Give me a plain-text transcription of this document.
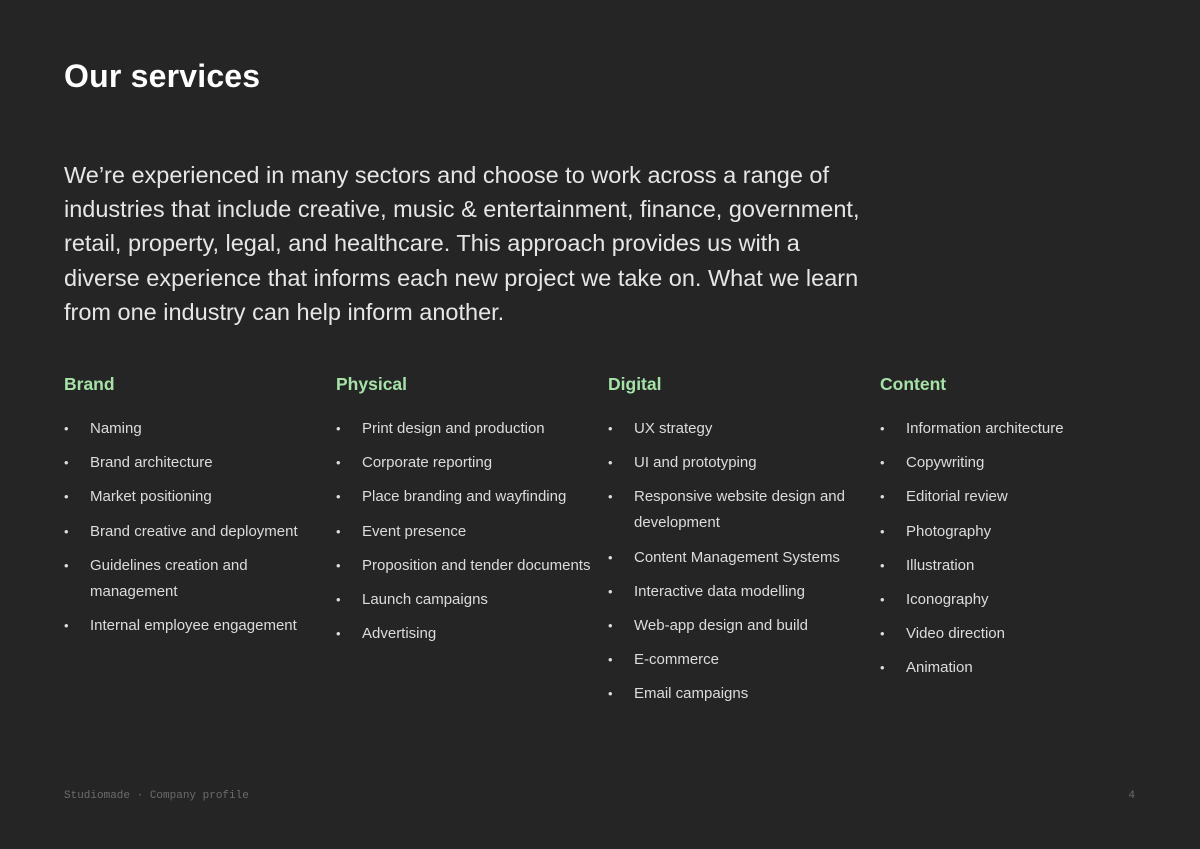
Our services

We’re experienced in many sectors and choose to work across a range of industries that include creative, music & entertainment, finance, government, retail, property, legal, and healthcare. This approach provides us with a diverse experience that informs each new project we take on. What we learn from one industry can help inform another.

Brand
•	Naming
•	Brand architecture
•	Market positioning
•	Brand creative and deployment
•	Guidelines creation and management
•	Internal employee engagement
Physical
•	Print design and production
•	Corporate reporting
•	Place branding and wayfinding
•	Event presence
•	Proposition and tender documents
•	Launch campaigns
•	Advertising
Digital
•	UX strategy
•	UI and prototyping
•	Responsive website design and development
•	Content Management Systems
•	Interactive data modelling
•	Web-app design and build
•	E-commerce
•	Email campaigns
Content
•	Information architecture
•	Copywriting
•	Editorial review
•	Photography
•	Illustration
•	Iconography
•	Video direction
•	Animation
Studiomade · Company profile	4
